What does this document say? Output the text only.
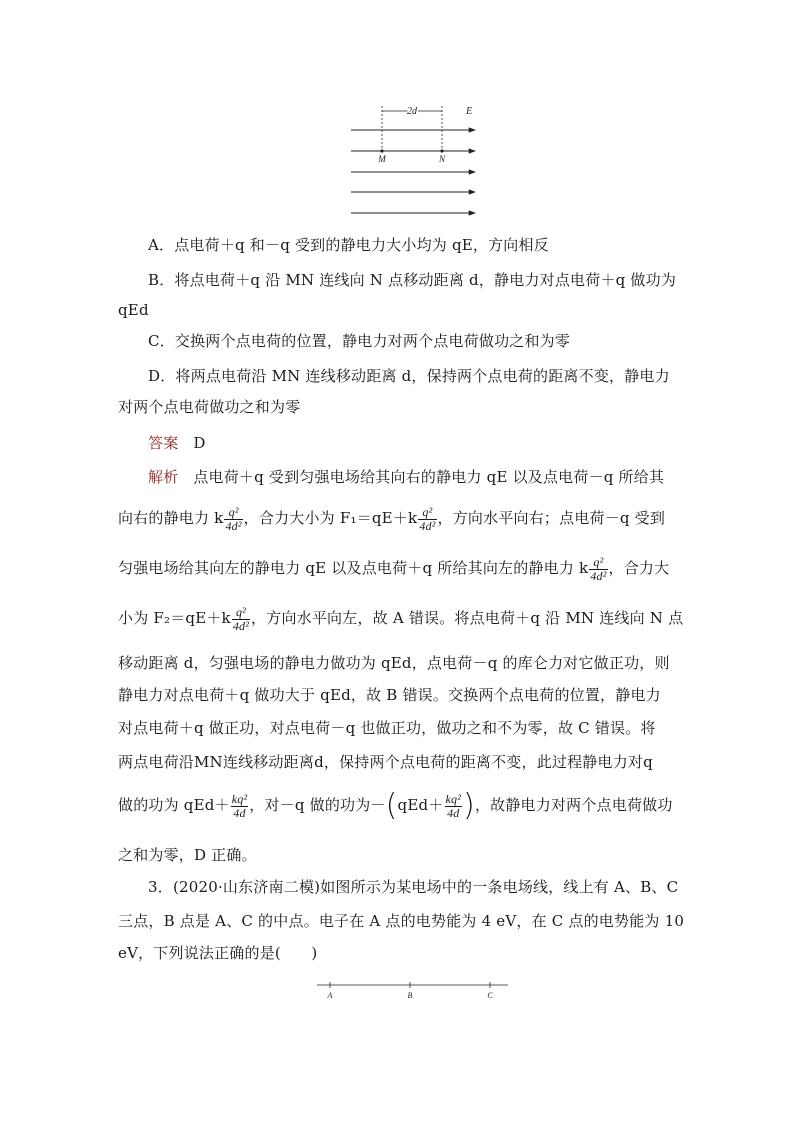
2d	E
M	N
A．点电荷＋q 和－q 受到的静电力大小均为 qE，方向相反
B．将点电荷＋q 沿 MN 连线向 N 点移动距离 d，静电力对点电荷＋q 做功为
qEd
C．交换两个点电荷的位置，静电力对两个点电荷做功之和为零
D．将两点电荷沿 MN 连线移动距离 d，保持两个点电荷的距离不变，静电力
对两个点电荷做功之和为零
答案 D
解析 点电荷＋q 受到匀强电场给其向右的静电力 qE 以及点电荷－q 所给其
向右的静电力 k $\frac{\text{q²}}{\text{4d²}}$ ，合力大小为 $F_1=qE+k \frac{\text{q²}}{\text{4d²}}$ ，方向水平向右；点电荷－q 受到
匀强电场给其向左的静电力 qE 以及点电荷＋q 所给其向左的静电力 k $\frac{\text{q²}}{\text{4d²}}$ ，合力大
小为 $F_2=qE+k \frac{\text{q²}}{\text{4d²}}$ ，方向水平向左，故 A 错误。将点电荷＋q 沿 MN 连线向 N 点
移动距离 d，匀强电场的静电力做功为 qEd，点电荷－q 的库仑力对它做正功，则
静电力对点电荷＋q 做功大于 qEd，故 B 错误。交换两个点电荷的位置，静电力
对点电荷＋q 做正功，对点电荷－q 也做正功，做功之和不为零，故 C 错误。将
两点电荷沿MN连线移动距离d，保持两个点电荷的距离不变，此过程静电力对q
做的功为 $qEd+ \frac{\text{kq²}}{4d}$ ，对－q 做的功为$-(qEd+ \frac{\text{kq²}}{4d}$ )，故静电力对两个点电荷做功
之和为零，D 正确。
3．(2020·山东济南二模)如图所示为某电场中的一条电场线，线上有 A、B、C
三点，B 点是 A、C 的中点。电子在 A 点的电势能为 4 eV，在 C 点的电势能为 10
eV，下列说法正确的是(　　)
A	B	C
